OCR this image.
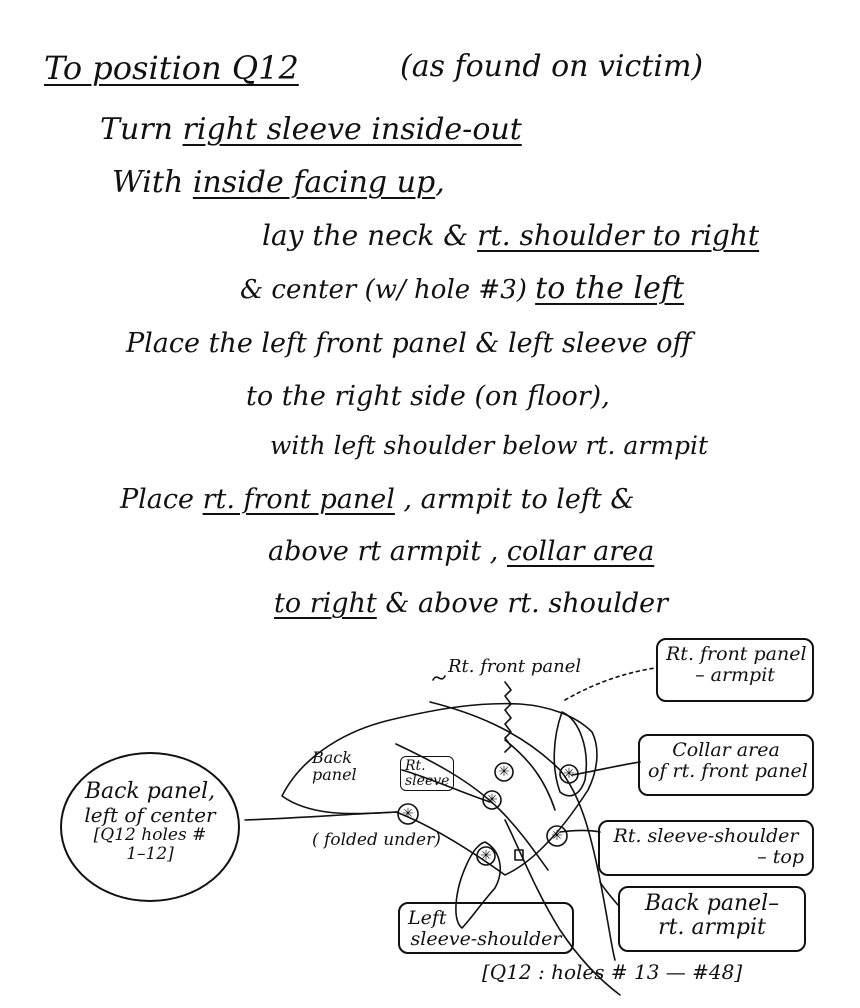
To position Q12	(as found on victim)
Turn right sleeve inside-out
With inside facing up,
lay the neck & rt. shoulder to right
& center (w/ hole #3) to the left
Place the left front panel & left sleeve off
to the right side (on floor),
with left shoulder below rt. armpit
Place rt. front panel , armpit to left &
above rt armpit , collar area
to right & above rt. shoulder
✳
✳
✳
✳
✳
✳
Rt. front panel
Back
panel	Rt.
sleeve
( folded under)
Rt. front panel
– armpit
Collar area
of rt. front panel
Rt. sleeve-shoulder
– top
Back panel–
rt. armpit
Left
sleeve-shoulder
Back panel,
left of center
[Q12 holes #
1–12]
[Q12 : holes # 13 — #48]
